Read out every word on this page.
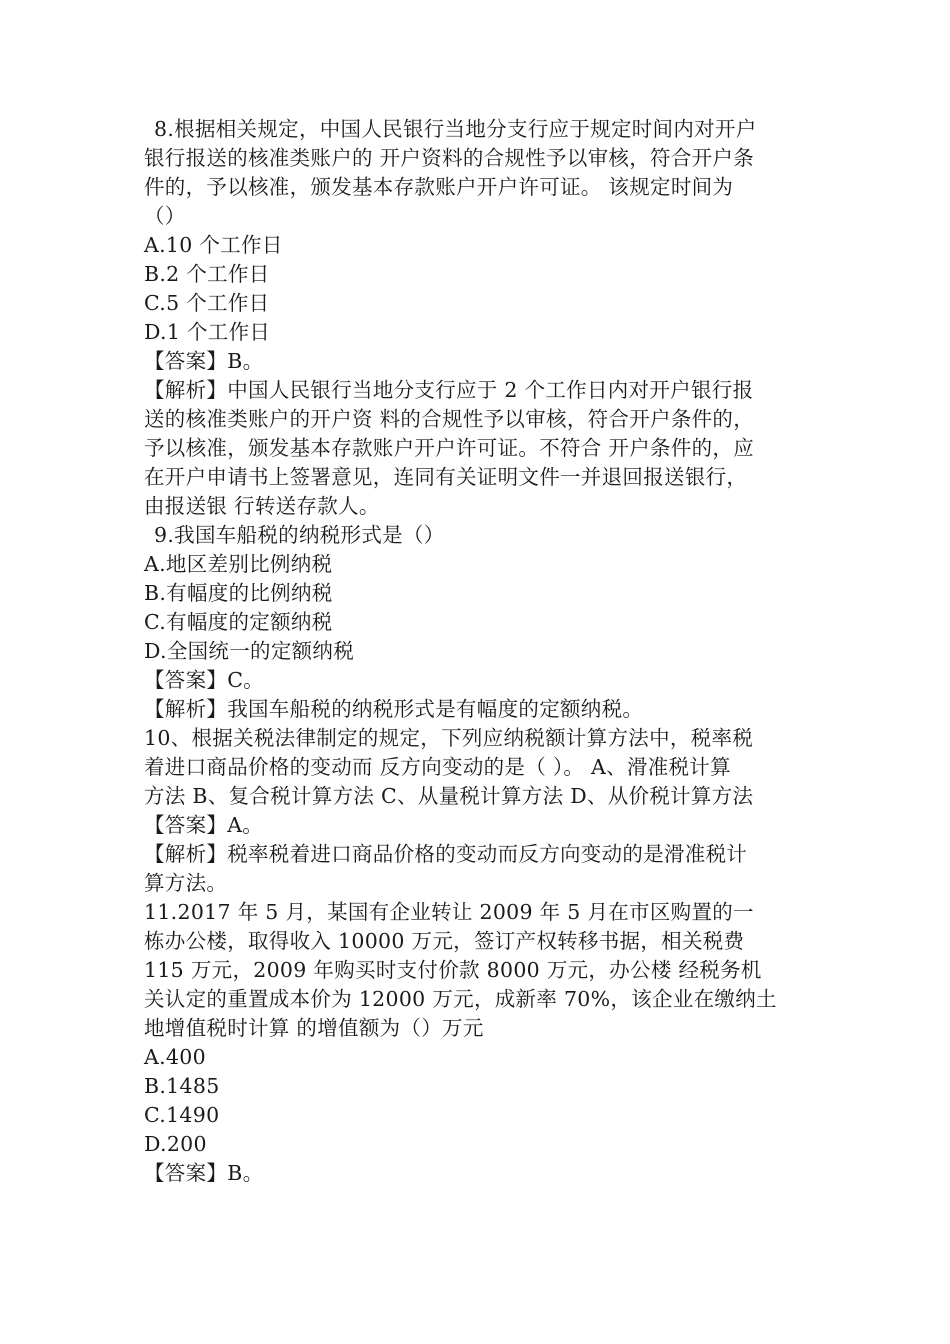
8.根据相关规定，中国人民银行当地分支行应于规定时间内对开户
银行报送的核准类账户的 开户资料的合规性予以审核，符合开户条
件的，予以核准，颁发基本存款账户开户许可证。 该规定时间为
（）
A.10 个工作日
B.2 个工作日
C.5 个工作日
D.1 个工作日
【答案】B。
【解析】中国人民银行当地分支行应于 2 个工作日内对开户银行报
送的核准类账户的开户资 料的合规性予以审核，符合开户条件的，
予以核准，颁发基本存款账户开户许可证。不符合 开户条件的，应
在开户申请书上签署意见，连同有关证明文件一并退回报送银行，
由报送银 行转送存款人。
9.我国车船税的纳税形式是（）
A.地区差别比例纳税
B.有幅度的比例纳税
C.有幅度的定额纳税
D.全国统一的定额纳税
【答案】C。
【解析】我国车船税的纳税形式是有幅度的定额纳税。
10、根据关税法律制定的规定，下列应纳税额计算方法中，税率税
着进口商品价格的变动而 反方向变动的是（ ）。 A、滑准税计算
方法 B、复合税计算方法 C、从量税计算方法 D、从价税计算方法
【答案】A。
【解析】税率税着进口商品价格的变动而反方向变动的是滑准税计
算方法。
11.2017 年 5 月，某国有企业转让 2009 年 5 月在市区购置的一
栋办公楼，取得收入 10000 万元，签订产权转移书据，相关税费
115 万元，2009 年购买时支付价款 8000 万元，办公楼 经税务机
关认定的重置成本价为 12000 万元，成新率 70%，该企业在缴纳土
地增值税时计算 的增值额为（）万元
A.400
B.1485
C.1490
D.200
【答案】B。
